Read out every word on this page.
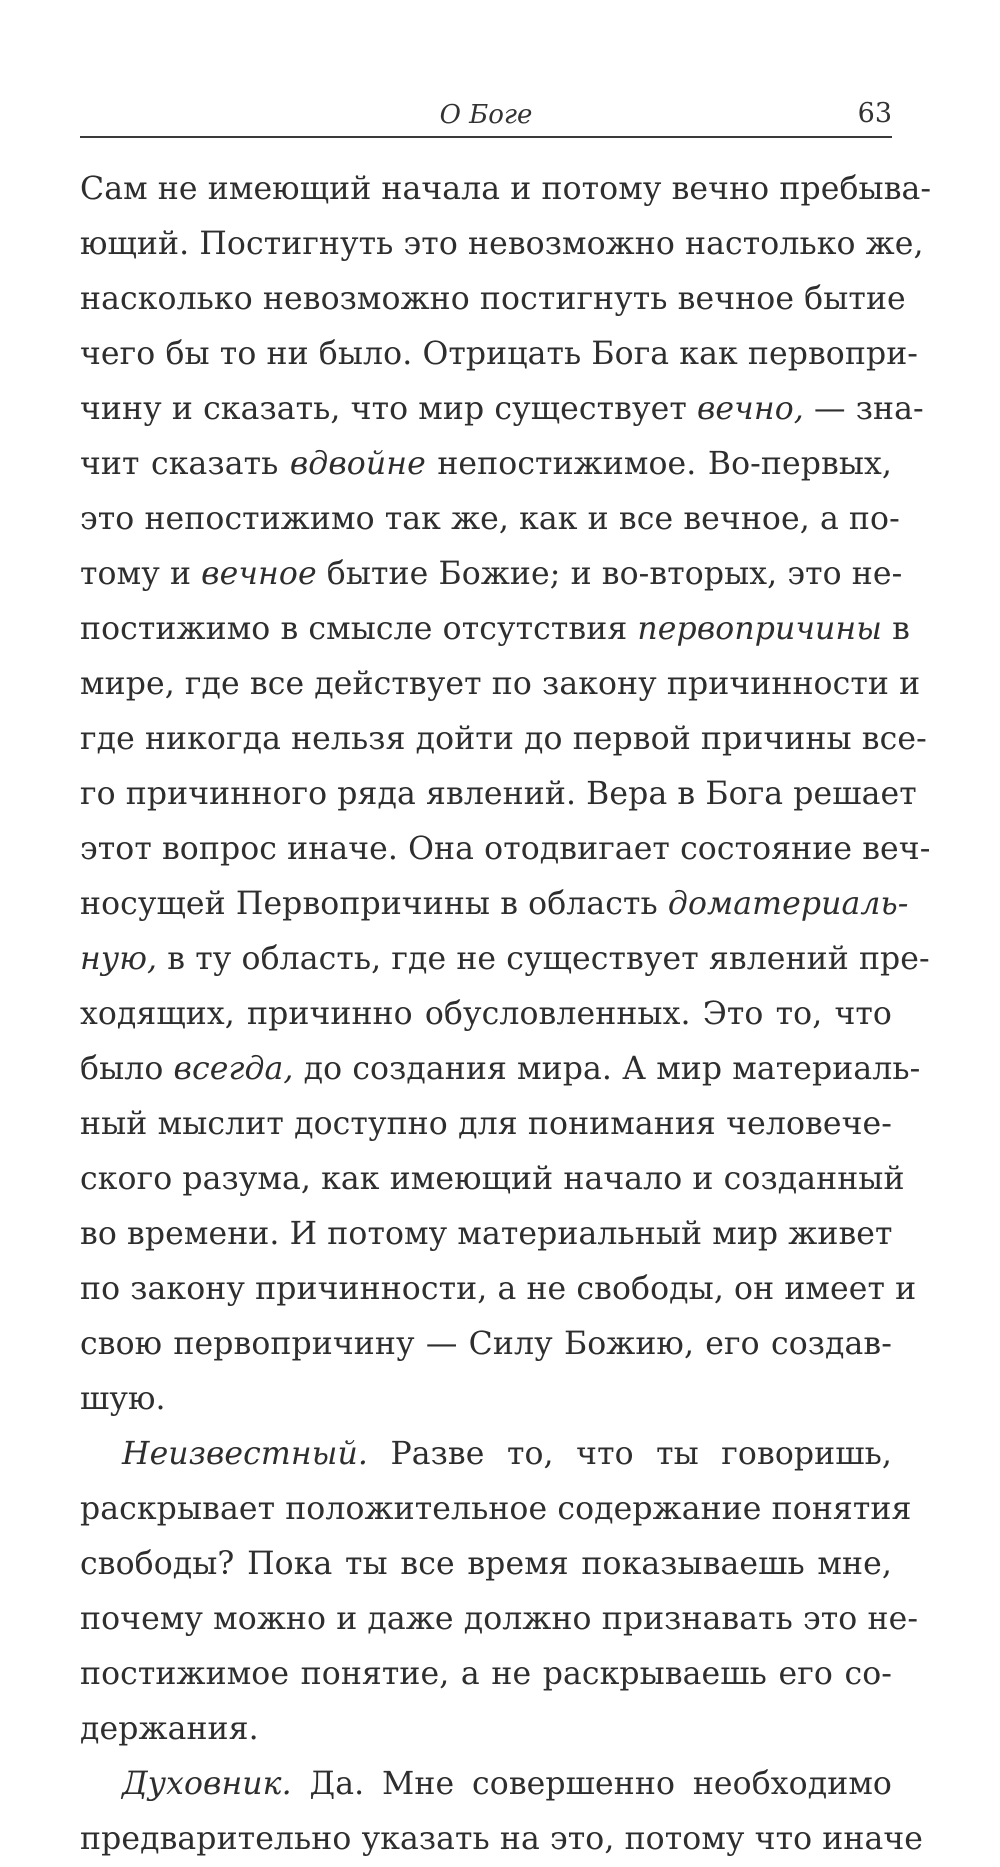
О Боге	63
Сам не имеющий начала и потому вечно пребыва-
ющий. Постигнуть это невозможно настолько же,
насколько невозможно постигнуть вечное бытие
чего бы то ни было. Отрицать Бога как первопри-
чину и сказать, что мир существует вечно, — зна-
чит сказать вдвойне непостижимое. Во-первых,
это непостижимо так же, как и все вечное, а по-
тому и вечное бытие Божие; и во-вторых, это не-
постижимо в смысле отсутствия первопричины в
мире, где все действует по закону причинности и
где никогда нельзя дойти до первой причины все-
го причинного ряда явлений. Вера в Бога решает
этот вопрос иначе. Она отодвигает состояние веч-
носущей Первопричины в область доматериаль-
ную, в ту область, где не существует явлений пре-
ходящих, причинно обусловленных. Это то, что
было всегда, до создания мира. А мир материаль-
ный мыслит доступно для понимания человече-
ского разума, как имеющий начало и созданный
во времени. И потому материальный мир живет
по закону причинности, а не свободы, он имеет и
свою первопричину — Силу Божию, его создав-
шую.
Неизвестный. Разве то, что ты говоришь,
раскрывает положительное содержание понятия
свободы? Пока ты все время показываешь мне,
почему можно и даже должно признавать это не-
постижимое понятие, а не раскрываешь его со-
держания.
Духовник. Да. Мне совершенно необходимо
предварительно указать на это, потому что иначе
